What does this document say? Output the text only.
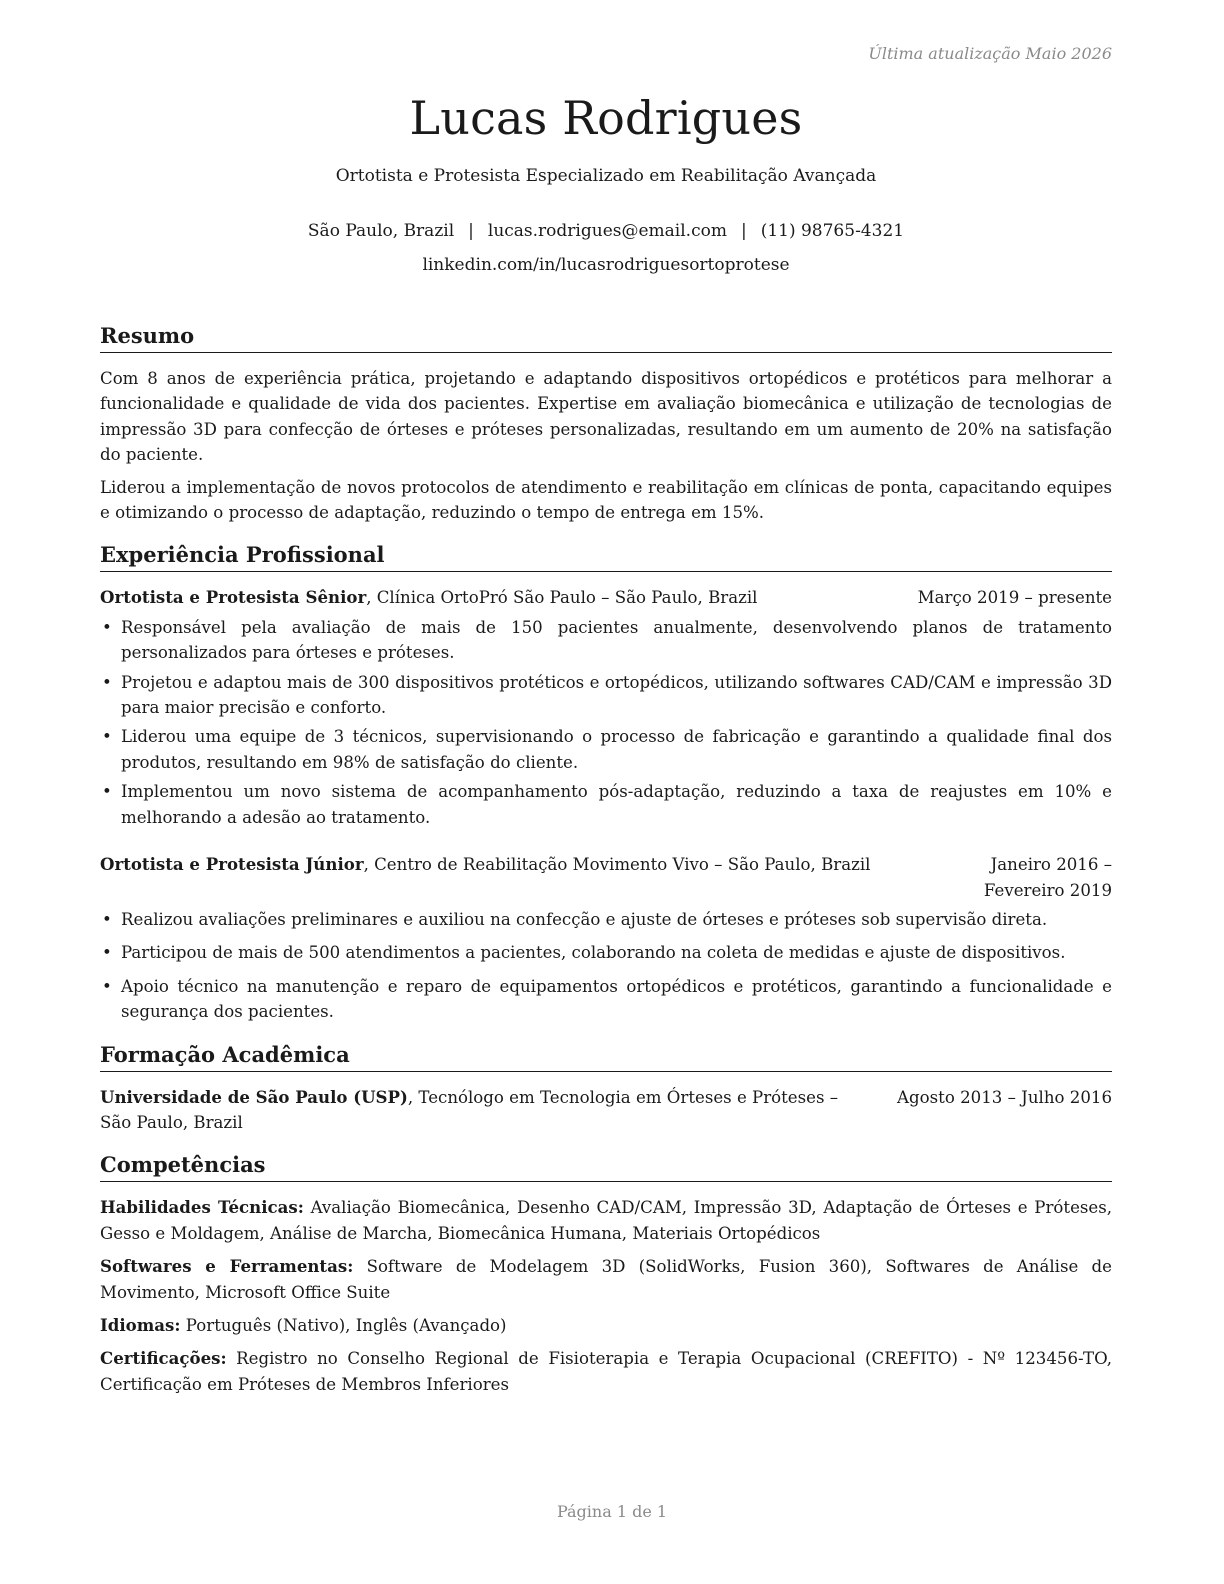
Última atualização Maio 2026
Lucas Rodrigues
Ortotista e Protesista Especializado em Reabilitação Avançada
São Paulo, Brazil | lucas.rodrigues@email.com | (11) 98765-4321
linkedin.com/in/lucasrodriguesortoprotese
Resumo

Com 8 anos de experiência prática, projetando e adaptando dispositivos ortopédicos e protéticos para melhorar a funcionalidade e qualidade de vida dos pacientes. Expertise em avaliação biomecânica e utilização de tecnologias de impressão 3D para confecção de órteses e próteses personalizadas, resultando em um aumento de 20% na satisfação do paciente.

Liderou a implementação de novos protocolos de atendimento e reabilitação em clínicas de ponta, capacitando equipes e otimizando o processo de adaptação, reduzindo o tempo de entrega em 15%.

Experiência Profissional
Ortotista e Protesista Sênior, Clínica OrtoPró São Paulo – São Paulo, Brazil	Março 2019 – presente
• Responsável pela avaliação de mais de 150 pacientes anualmente, desenvolvendo planos de tratamento personalizados para órteses e próteses.
• Projetou e adaptou mais de 300 dispositivos protéticos e ortopédicos, utilizando softwares CAD/CAM e impressão 3D para maior precisão e conforto.
• Liderou uma equipe de 3 técnicos, supervisionando o processo de fabricação e garantindo a qualidade final dos produtos, resultando em 98% de satisfação do cliente.
• Implementou um novo sistema de acompanhamento pós-adaptação, reduzindo a taxa de reajustes em 10% e melhorando a adesão ao tratamento.
Ortotista e Protesista Júnior, Centro de Reabilitação Movimento Vivo – São Paulo, Brazil	Janeiro 2016 – Fevereiro 2019
• Realizou avaliações preliminares e auxiliou na confecção e ajuste de órteses e próteses sob supervisão direta.
• Participou de mais de 500 atendimentos a pacientes, colaborando na coleta de medidas e ajuste de dispositivos.
• Apoio técnico na manutenção e reparo de equipamentos ortopédicos e protéticos, garantindo a funcionalidade e segurança dos pacientes.
Formação Acadêmica
Universidade de São Paulo (USP), Tecnólogo em Tecnologia em Órteses e Próteses – São Paulo, Brazil
Agosto 2013 – Julho 2016
Competências

Habilidades Técnicas: Avaliação Biomecânica, Desenho CAD/CAM, Impressão 3D, Adaptação de Órteses e Próteses, Gesso e Moldagem, Análise de Marcha, Biomecânica Humana, Materiais Ortopédicos

Softwares e Ferramentas: Software de Modelagem 3D (SolidWorks, Fusion 360), Softwares de Análise de Movimento, Microsoft Office Suite

Idiomas: Português (Nativo), Inglês (Avançado)

Certificações: Registro no Conselho Regional de Fisioterapia e Terapia Ocupacional (CREFITO) - Nº 123456-TO, Certificação em Próteses de Membros Inferiores

Página 1 de 1
